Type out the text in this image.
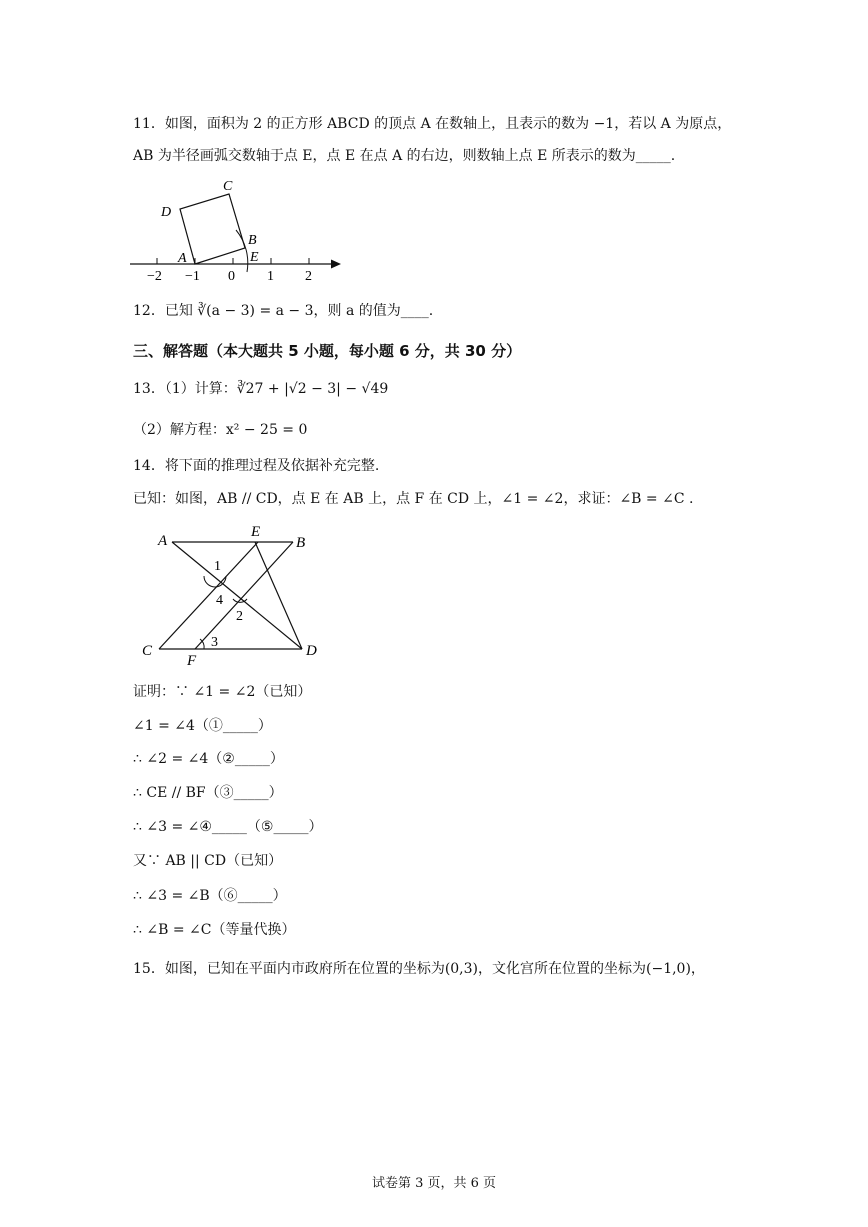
11．如图，面积为 2 的正方形 ABCD 的顶点 A 在数轴上，且表示的数为 −1，若以 A 为原点，
AB 为半径画弧交数轴于点 E，点 E 在点 A 的右边，则数轴上点 E 所表示的数为_____.
A
B
C
D
E
−2 −1 0 1 2
12．已知 ∛(a − 3) = a − 3，则 a 的值为____.
三、解答题（本大题共 5 小题，每小题 6 分，共 30 分）
13．（1）计算：∛27 + |√2 − 3| − √49
（2）解方程：x² − 25 = 0
14．将下面的推理过程及依据补充完整.
已知：如图，AB // CD，点 E 在 AB 上，点 F 在 CD 上，∠1 = ∠2，求证：∠B = ∠C .
A
E
B
C
F
D
1
4
2
3
证明：∵ ∠1 = ∠2（已知）
∠1 = ∠4（①_____）
∴ ∠2 = ∠4（②_____）
∴ CE // BF（③_____）
∴ ∠3 = ∠④_____（⑤_____）
又∵ AB || CD（已知）
∴ ∠3 = ∠B（⑥_____）
∴ ∠B = ∠C（等量代换）
15．如图，已知在平面内市政府所在位置的坐标为(0,3)，文化宫所在位置的坐标为(−1,0)，
试卷第 3 页，共 6 页
